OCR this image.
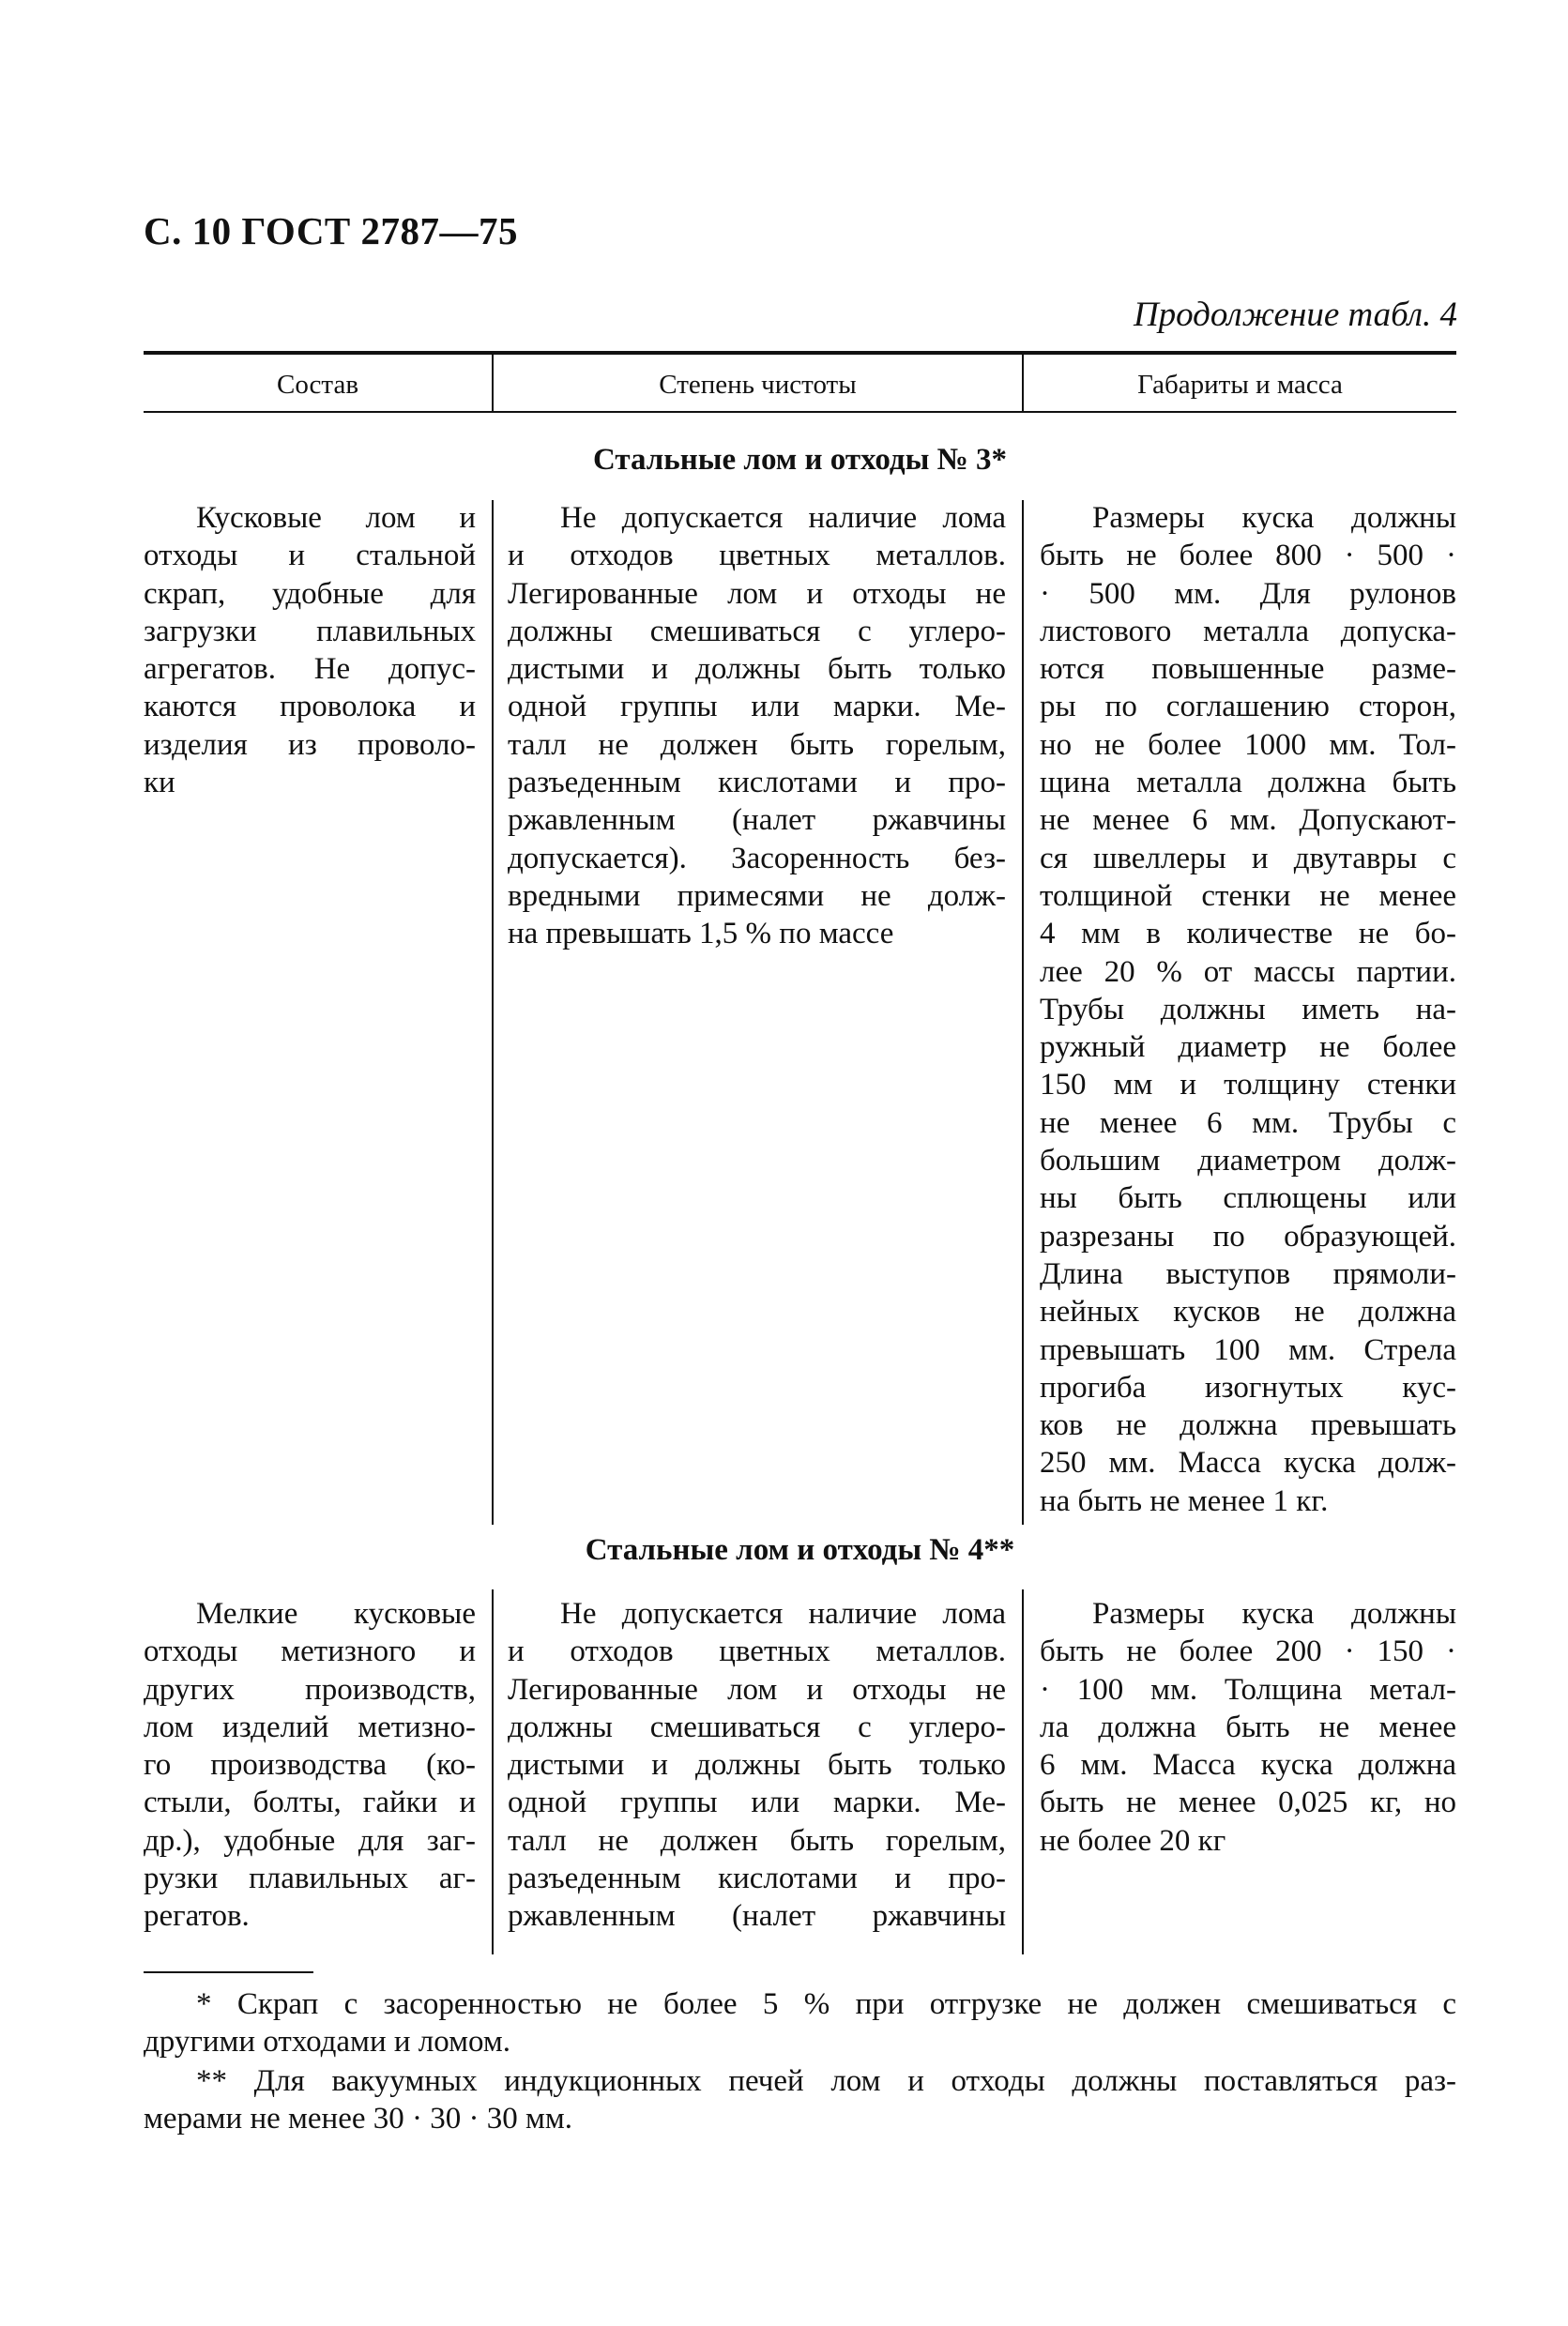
С. 10 ГОСТ 2787—75
Продолжение табл. 4
Состав	Степень чистоты	Габариты и масса
Стальные лом и отходы № 3*
Кусковые лом и
отходы и стальной
скрап, удобные для
загрузки плавильных
агрегатов. Не допус-
каются проволока и
изделия из проволо-
ки
Не допускается наличие лома
и отходов цветных металлов.
Легированные лом и отходы не
должны смешиваться с углеро-
дистыми и должны быть только
одной группы или марки. Ме-
талл не должен быть горелым,
разъеденным кислотами и про-
ржавленным (налет ржавчины
допускается). Засоренность без-
вредными примесями не долж-
на превышать 1,5 % по массе
Размеры куска должны
быть не более 800 · 500 ·
· 500 мм. Для рулонов
листового металла допуска-
ются повышенные разме-
ры по соглашению сторон,
но не более 1000 мм. Тол-
щина металла должна быть
не менее 6 мм. Допускают-
ся швеллеры и двутавры с
толщиной стенки не менее
4 мм в количестве не бо-
лее 20 % от массы партии.
Трубы должны иметь на-
ружный диаметр не более
150 мм и толщину стенки
не менее 6 мм. Трубы с
большим диаметром долж-
ны быть сплющены или
разрезаны по образующей.
Длина выступов прямоли-
нейных кусков не должна
превышать 100 мм. Стрела
прогиба изогнутых кус-
ков не должна превышать
250 мм. Масса куска долж-
на быть не менее 1 кг.
Стальные лом и отходы № 4**
Мелкие кусковые
отходы метизного и
других производств,
лом изделий метизно-
го производства (ко-
стыли, болты, гайки и
др.), удобные для заг-
рузки плавильных аг-
регатов.
Не допускается наличие лома
и отходов цветных металлов.
Легированные лом и отходы не
должны смешиваться с углеро-
дистыми и должны быть только
одной группы или марки. Ме-
талл не должен быть горелым,
разъеденным кислотами и про-
ржавленным (налет ржавчины
Размеры куска должны
быть не более 200 · 150 ·
· 100 мм. Толщина метал-
ла должна быть не менее
6 мм. Масса куска должна
быть не менее 0,025 кг, но
не более 20 кг
* Скрап с засоренностью не более 5 % при отгрузке не должен смешиваться с
другими отходами и ломом.
** Для вакуумных индукционных печей лом и отходы должны поставляться раз-
мерами не менее 30 · 30 · 30 мм.
